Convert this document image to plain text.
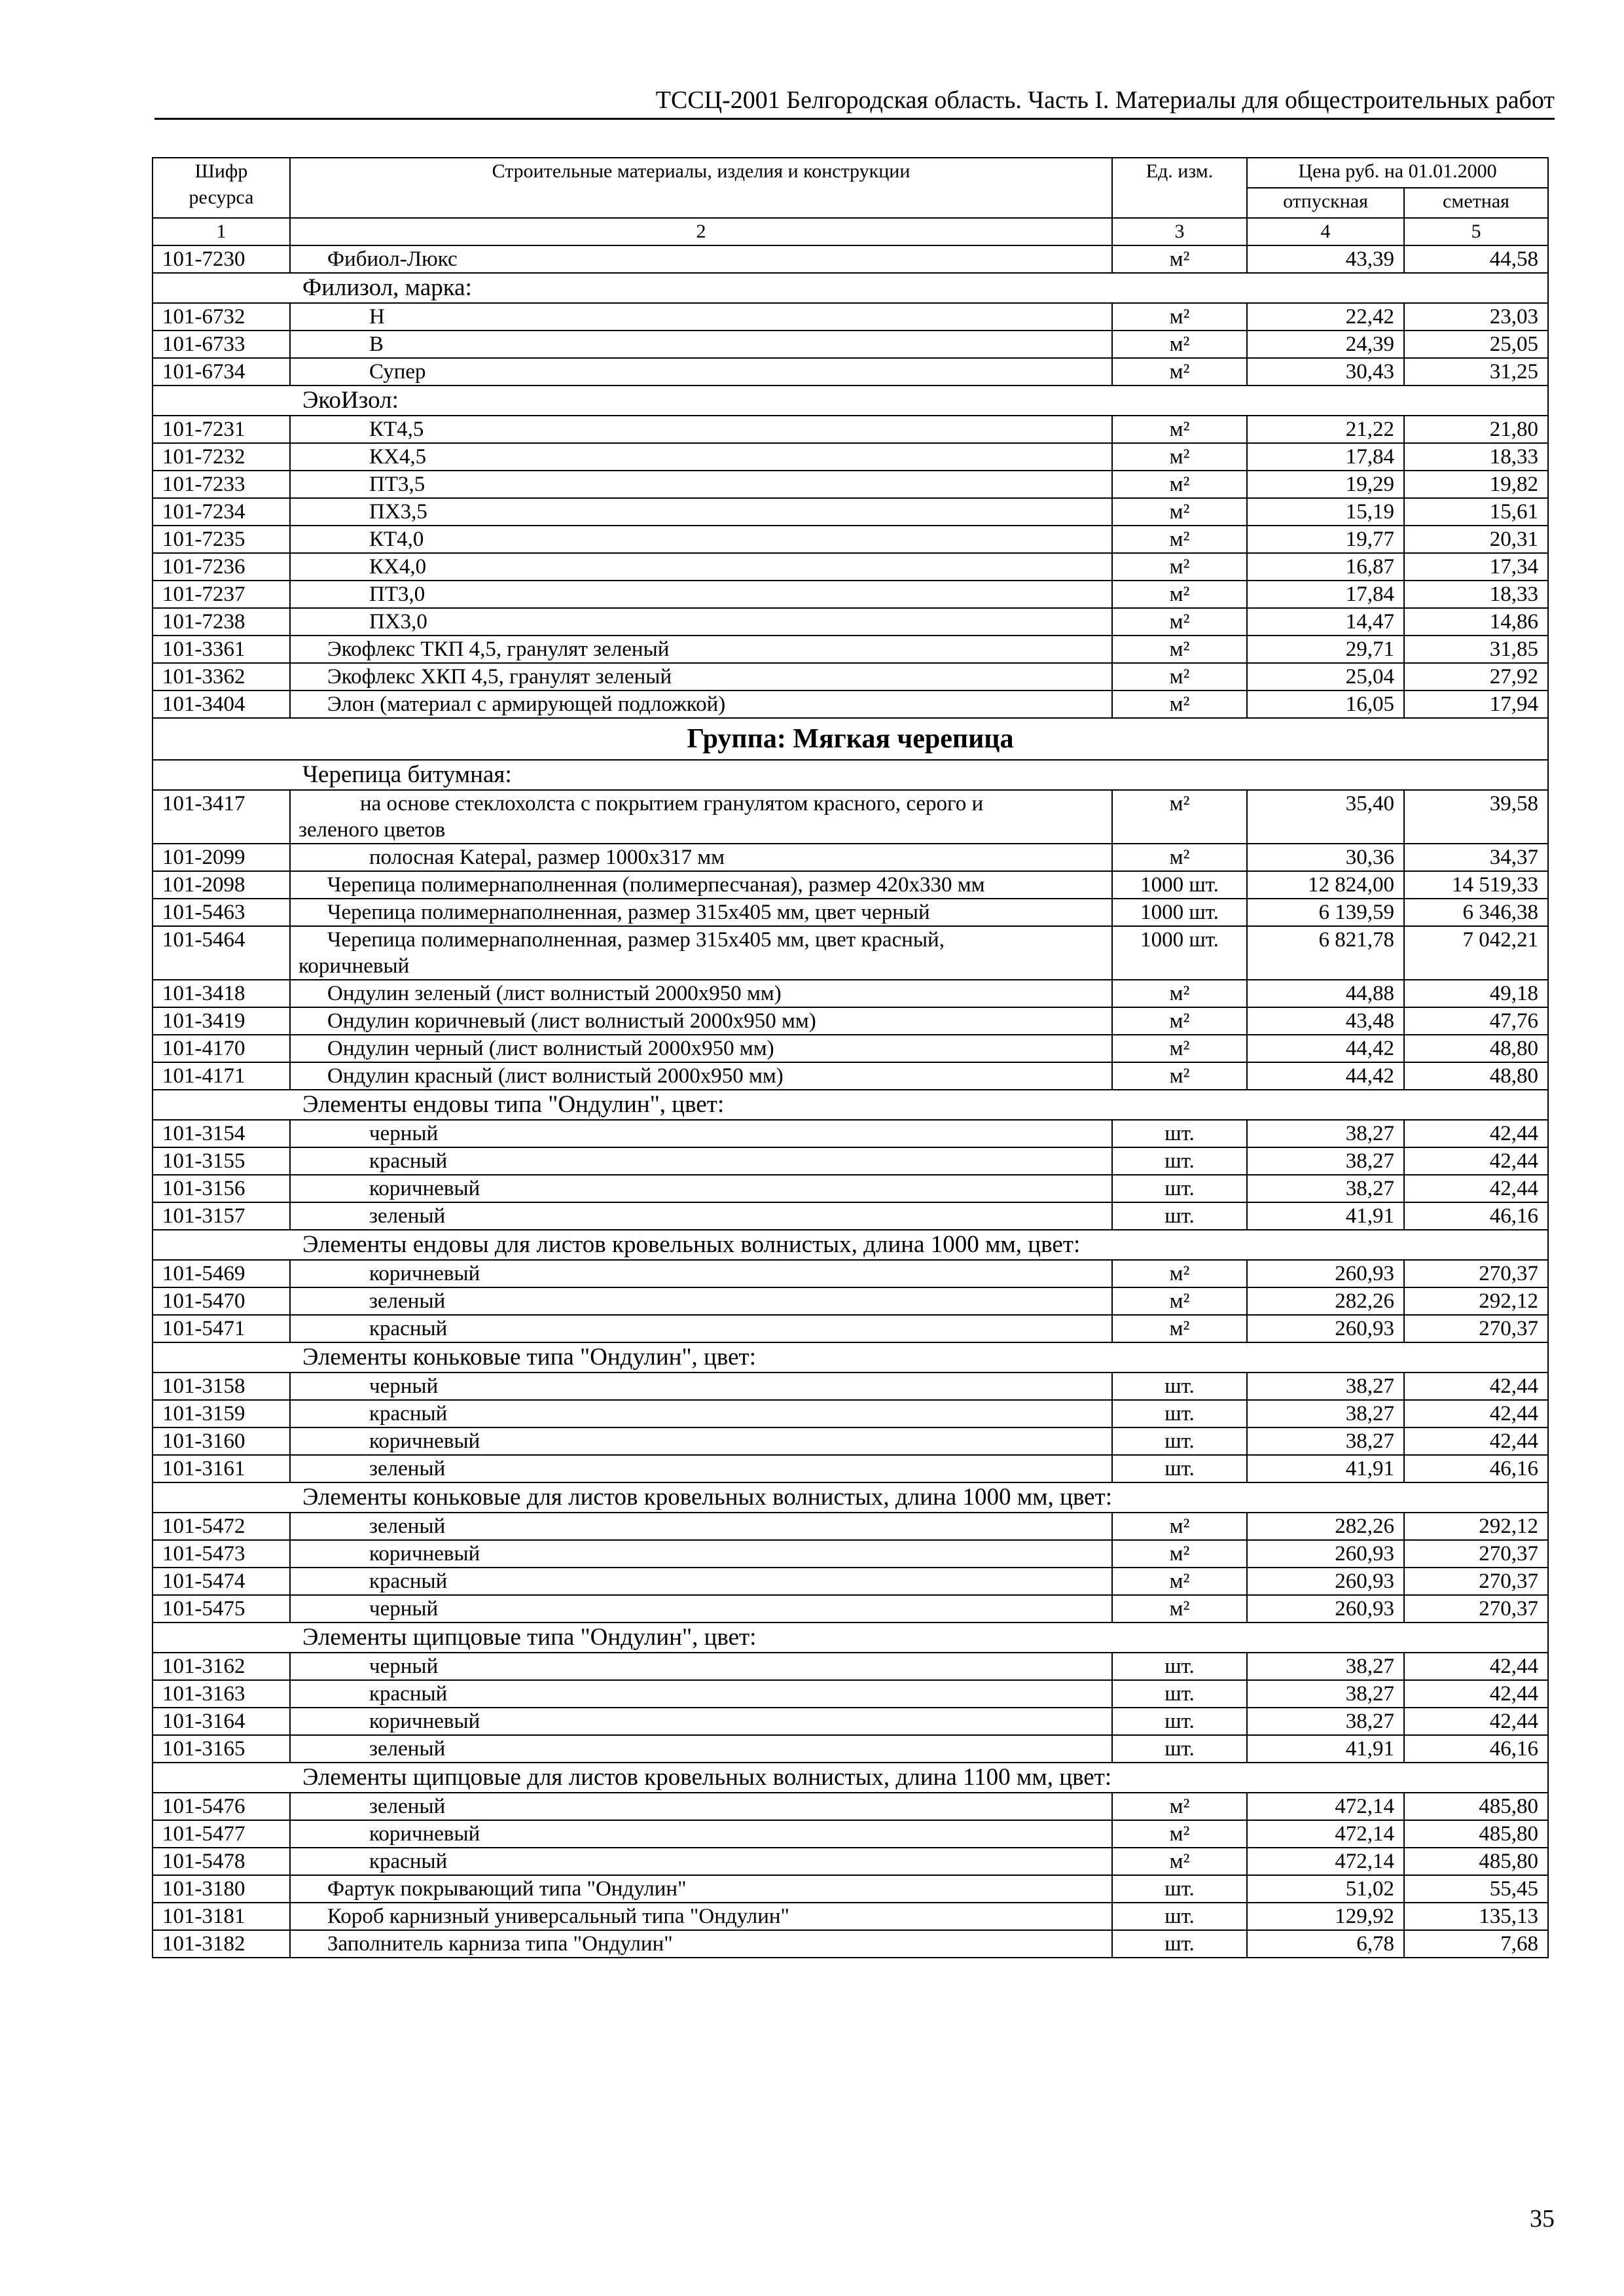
ТССЦ-2001 Белгородская область. Часть I. Материалы для общестроительных работ
Шифр ресурса	Строительные материалы, изделия и конструкции	Ед. изм.	Цена руб. на 01.01.2000	
			отпускная	сметная
1	2	3	4	5
101-7230	Фибиол-Люкс	м²	43,39	44,58
Филизол, марка:				
101-6732	Н	м²	22,42	23,03
101-6733	В	м²	24,39	25,05
101-6734	Супер	м²	30,43	31,25
ЭкоИзол:				
101-7231	КТ4,5	м²	21,22	21,80
101-7232	КХ4,5	м²	17,84	18,33
101-7233	ПТ3,5	м²	19,29	19,82
101-7234	ПХ3,5	м²	15,19	15,61
101-7235	КТ4,0	м²	19,77	20,31
101-7236	КХ4,0	м²	16,87	17,34
101-7237	ПТ3,0	м²	17,84	18,33
101-7238	ПХ3,0	м²	14,47	14,86
101-3361	Экофлекс ТКП 4,5, гранулят зеленый	м²	29,71	31,85
101-3362	Экофлекс ХКП 4,5, гранулят зеленый	м²	25,04	27,92
101-3404	Элон (материал с армирующей подложкой)	м²	16,05	17,94
Группа: Мягкая черепица				
Черепица битумная:				
101-3417	на основе стеклохолста с покрытием гранулятом красного, серого и
зеленого цветов	м²	35,40	39,58
101-2099	полосная Katepal, размер 1000х317 мм	м²	30,36	34,37
101-2098	Черепица полимернаполненная (полимерпесчаная), размер 420х330 мм	1000 шт.	12 824,00	14 519,33
101-5463	Черепица полимернаполненная, размер 315х405 мм, цвет черный	1000 шт.	6 139,59	6 346,38
101-5464	Черепица полимернаполненная, размер 315х405 мм, цвет красный,
коричневый	1000 шт.	6 821,78	7 042,21
101-3418	Ондулин зеленый (лист волнистый 2000х950 мм)	м²	44,88	49,18
101-3419	Ондулин коричневый (лист волнистый 2000х950 мм)	м²	43,48	47,76
101-4170	Ондулин черный (лист волнистый 2000х950 мм)	м²	44,42	48,80
101-4171	Ондулин красный (лист волнистый 2000х950 мм)	м²	44,42	48,80
Элементы ендовы типа "Ондулин", цвет:				
101-3154	черный	шт.	38,27	42,44
101-3155	красный	шт.	38,27	42,44
101-3156	коричневый	шт.	38,27	42,44
101-3157	зеленый	шт.	41,91	46,16
Элементы ендовы для листов кровельных волнистых, длина 1000 мм, цвет:				
101-5469	коричневый	м²	260,93	270,37
101-5470	зеленый	м²	282,26	292,12
101-5471	красный	м²	260,93	270,37
Элементы коньковые типа "Ондулин", цвет:				
101-3158	черный	шт.	38,27	42,44
101-3159	красный	шт.	38,27	42,44
101-3160	коричневый	шт.	38,27	42,44
101-3161	зеленый	шт.	41,91	46,16
Элементы коньковые для листов кровельных волнистых, длина 1000 мм, цвет:				
101-5472	зеленый	м²	282,26	292,12
101-5473	коричневый	м²	260,93	270,37
101-5474	красный	м²	260,93	270,37
101-5475	черный	м²	260,93	270,37
Элементы щипцовые типа "Ондулин", цвет:				
101-3162	черный	шт.	38,27	42,44
101-3163	красный	шт.	38,27	42,44
101-3164	коричневый	шт.	38,27	42,44
101-3165	зеленый	шт.	41,91	46,16
Элементы щипцовые для листов кровельных волнистых, длина 1100 мм, цвет:				
101-5476	зеленый	м²	472,14	485,80
101-5477	коричневый	м²	472,14	485,80
101-5478	красный	м²	472,14	485,80
101-3180	Фартук покрывающий типа "Ондулин"	шт.	51,02	55,45
101-3181	Короб карнизный универсальный типа "Ондулин"	шт.	129,92	135,13
101-3182	Заполнитель карниза типа "Ондулин"	шт.	6,78	7,68
35
